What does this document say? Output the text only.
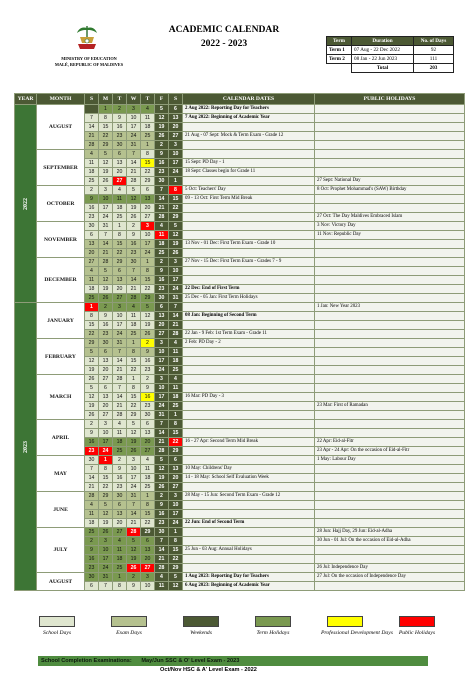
MINISTRY OF EDUCATION
MALÉ, REPUBLIC OF MALDIVES
ACADEMIC CALENDAR
2022 - 2023	Term	Duration	No. of Days
Term 1	07 Aug - 22 Dec 2022	92
Term 2	08 Jan - 22 Jun 2023	111
	Total	203
YEAR	MONTH	S	M	T	W	T	F	S	CALENDAR DATES	PUBLIC HOLIDAYS

2022	AUGUST		1	2	3	4	5	6	2 Aug 2022: Reporting Day for Teachers	
		7	8	9	10	11	12	13	7 Aug 2022: Beginning of Academic Year	
		14	15	16	17	18	19	20		
		21	22	23	24	25	26	27	21 Aug - 07 Sept: Mock & Term Exam - Grade 12	
		28	29	30	31	1	2	3		
	SEPTEMBER	4	5	6	7	8	9	10		
		11	12	13	14	15	16	17	15 Sept: PD Day - 1	
		18	19	20	21	22	23	24	18 Sept: Classes begin for Grade 11	
		25	26	27	28	29	30	1		27 Sept: National Day
	OCTOBER	2	3	4	5	6	7	8	5 Oct: Teachers' Day	8 Oct: Prophet Mohammad's (SAW) Birthday
		9	10	11	12	13	14	15	09 - 13 Oct: First Term Mid Break	
		16	17	18	19	20	21	22		
		23	24	25	26	27	28	29		27 Oct: The Day Maldives Embraced Islam
	NOVEMBER	30	31	1	2	3	4	5		3 Nov: Victory Day
		6	7	8	9	10	11	12		11 Nov: Republic Day
		13	14	15	16	17	18	19	13 Nov - 01 Dec: First Term Exam - Grade 10	
		20	21	22	23	24	25	26		
	DECEMBER	27	28	29	30	1	2	3	27 Nov - 15 Dec: First Term Exam - Grades 7 - 9	
		4	5	6	7	8	9	10		
		11	12	13	14	15	16	17		
		18	19	20	21	22	23	24	22 Dec: End of First Term	
		25	26	27	28	29	30	31	25 Dec - 05 Jan: First Term Holidays	

2023	JANUARY	1	2	3	4	5	6	7		1 Jan: New Year 2023
		8	9	10	11	12	13	14	08 Jan: Beginning of Second Term	
		15	16	17	18	19	20	21		
		22	23	24	25	26	27	28	22 Jan - 9 Feb: 1st Term Exam - Grade 11	
	FEBRUARY	29	30	31	1	2	3	4	2 Feb: PD Day - 2	
		5	6	7	8	9	10	11		
		12	13	14	15	16	17	18		
		19	20	21	22	23	24	25		
	MARCH	26	27	28	1	2	3	4		
		5	6	7	8	9	10	11		
		12	13	14	15	16	17	18	16 Mar: PD Day - 3	
		19	20	21	22	23	24	25		23 Mar: First of Ramadan
		26	27	28	29	30	31	1		
	APRIL	2	3	4	5	6	7	8		
		9	10	11	12	13	14	15		
		16	17	18	19	20	21	22	16 - 27 Apr: Second Term Mid Break	22 Apr: Eid-al-Fitr
		23	24	25	26	27	28	29		23 Apr - 24 Apr: On the occasion of Eid-al-Fitr
	MAY	30	1	2	3	4	5	6		1 May: Labour Day
		7	8	9	10	11	12	13	10 May: Childrens' Day	
		14	15	16	17	18	19	20	14 - 18 May: School Self Evaluation Week	
		21	22	23	24	25	26	27		
	JUNE	28	29	30	31	1	2	3	28 May - 15 Jun: Second Term Exam - Grade 12	
		4	5	6	7	8	9	10		
		11	12	13	14	15	16	17		
		18	19	20	21	22	23	24	22 Jun: End of Second Term	
	JULY	25	26	27	28	29	30	1		28 Jun: Hajj Day, 29 Jun: Eid-al-Adha
		2	3	4	5	6	7	8		30 Jun - 01 Jul: On the occasion of Eid-al-Adha
		9	10	11	12	13	14	15	25 Jun - 03 Aug: Annual Holidays	
		16	17	18	19	20	21	22		
		23	24	25	26	27	28	29		26 Jul: Independence Day
	AUGUST	30	31	1	2	3	4	5	1 Aug 2023: Reporting Day for Teachers	27 Jul: On the occasion of Independence Day
		6	7	8	9	10	11	12	6 Aug 2023: Beginning of Academic Year	
School Days	Exam Days	Weekends	Term Holidays	Professional Development Days	Public Holidays
School Completion Examinations: May/Jun SSC & O' Level Exam - 2023
Oct/Nov HSC & A' Level Exam - 2022
